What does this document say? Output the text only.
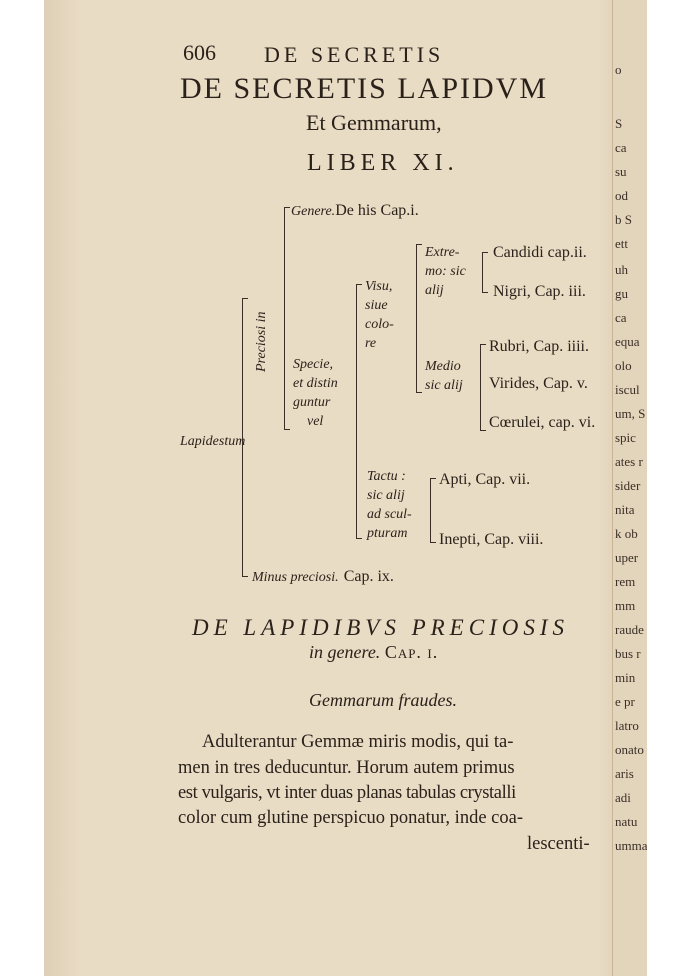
o
S
ca
su
od
b S
ett
uh
gu
ca
equa
olo
iscul
um, S
spic
ates r
sider
nita
k ob
uper
rem
mm
raude
bus r
min
e pr
latro
onato
aris
adi
natu
umma
606 DE SECRETIS
DE SECRETIS LAPIDVM
Et Gemmarum,
LIBER XI.
Lapidestum
Preciosi in
Genere.De his Cap.i.
Specie,
et distin
guntur
vel
Visu,
siue
colo-
re
Extre-
mo: sic
alij
Candidi cap.ii.
Nigri, Cap. iii.
Medio
sic alij
Rubri, Cap. iiii.
Virides, Cap. v.
Cœrulei, cap. vi.
Tactu :
sic alij
ad scul-
pturam
Apti, Cap. vii.
Inepti, Cap. viii.
Minus preciosi. Cap. ix.
DE LAPIDIBVS PRECIOSIS
in genere. Cap. i.
Gemmarum fraudes.
Adulterantur Gemmæ miris modis, qui ta-
men in tres deducuntur. Horum autem primus
est vulgaris, vt inter duas planas tabulas crystalli
color cum glutine perspicuo ponatur, inde coa-
lescenti-
